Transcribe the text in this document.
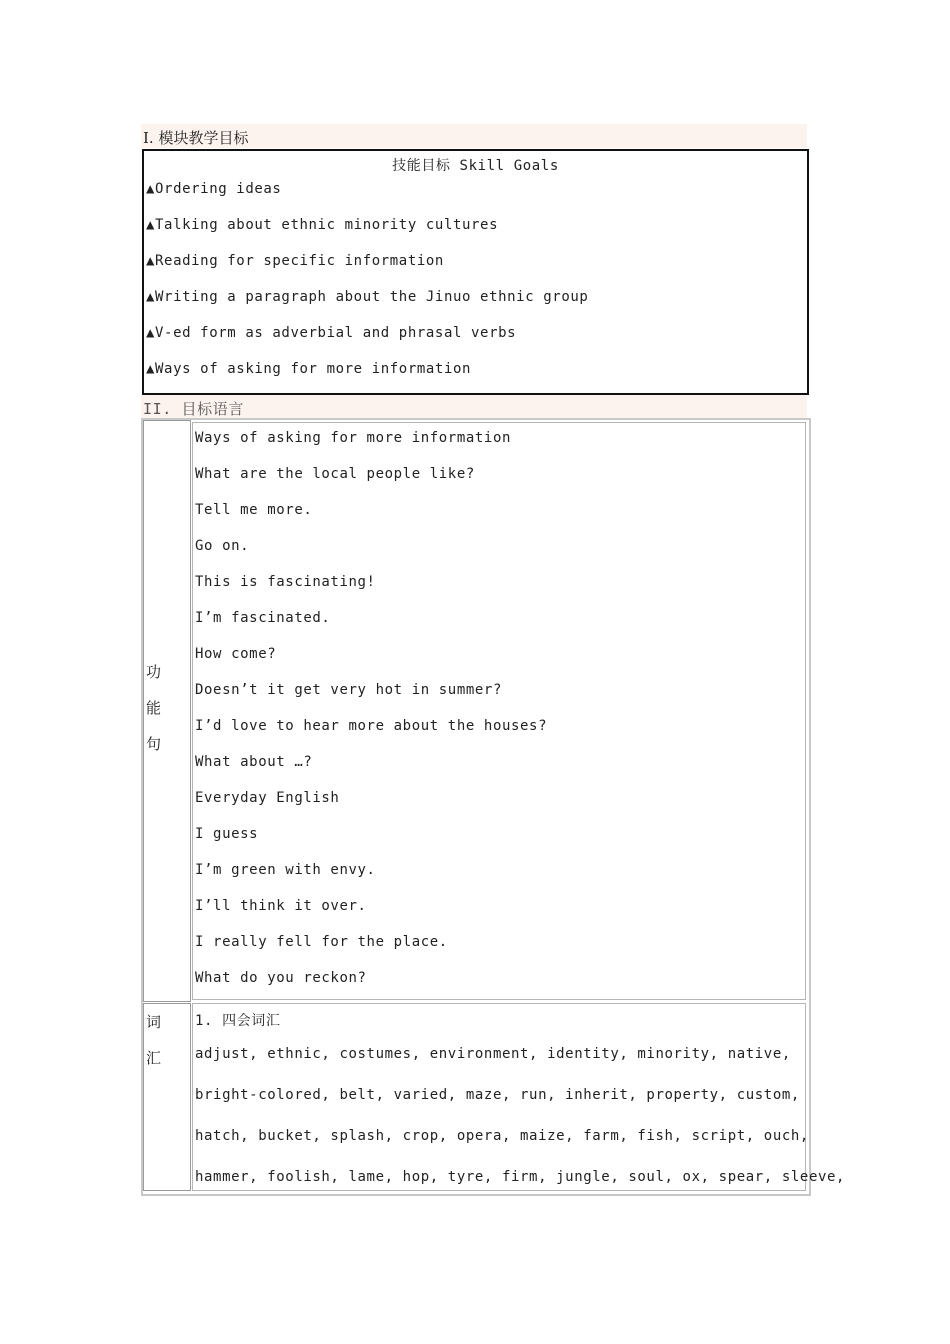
I. 模块教学目标
技能目标 Skill Goals
▲Ordering ideas
▲Talking about ethnic minority cultures
▲Reading for specific information
▲Writing a paragraph about the Jinuo ethnic group
▲V-ed form as adverbial and phrasal verbs
▲Ways of asking for more information
II. 目标语言
功
能
句
Ways of asking for more information
What are the local people like?
Tell me more.
Go on.
This is fascinating!
I’m fascinated.
How come?
Doesn’t it get very hot in summer?
I’d love to hear more about the houses?
What about …?
Everyday English
I guess
I’m green with envy.
I’ll think it over.
I really fell for the place.
What do you reckon?
词
汇
1. 四会词汇
adjust, ethnic, costumes, environment, identity, minority, native,
bright-colored, belt, varied, maze, run, inherit, property, custom,
hatch, bucket, splash, crop, opera, maize, farm, fish, script, ouch,
hammer, foolish, lame, hop, tyre, firm, jungle, soul, ox, spear, sleeve,
